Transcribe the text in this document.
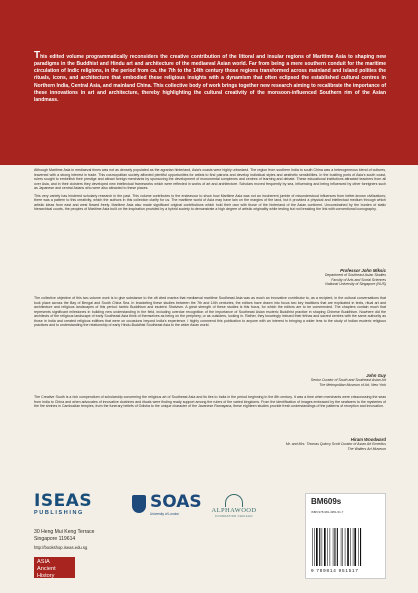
This edited volume programmatically reconsiders the creative contribution of the littoral and insular regions of Maritime Asia to shaping new paradigms in the Buddhist and Hindu art and architecture of the mediaeval Asian world. Far from being a mere southern conduit for the maritime circulation of Indic religions, in the period from ca. the 7th to the 14th century those regions transformed across mainland and island polities the rituals, icons, and architecture that embodied these religious insights with a dynamism that often eclipsed the established cultural centres in Northern India, Central Asia, and mainland China. This collective body of work brings together new research aiming to recalibrate the importance of these innovations in art and architecture, thereby highlighting the cultural creativity of the monsoon-influenced Southern rim of the Asian landmass.

Although Maritime Asia in mediaeval times was not as densely populated as the agrarian hinterland, Asia's coasts were highly urbanized. The region from southern India to south China was a heterogeneous blend of cultures, leavened with a strong interest in trade. This cosmopolitan society afforded plentiful opportunities for artists to find patrons and develop individual styles and aesthetic sensibilities. In the bustling ports of Asia's south coast, rulers sought to embellish their prestige and attract foreign merchants by sponsoring the development of monumental complexes and centres of learning and debate. These educational institutions attracted teachers from all over Asia, and in their cloisters they developed new intellectual frameworks which were reflected in works of art and architecture. Scholars moved frequently by sea, influencing and being influenced by other foreigners such as Japanese and central Asians who were also attracted to these places.

This very variety has hindered scholarly research in the past. This volume contributes to the endeavour to show how Maritime Asia was not an incoherent jumble of misunderstood influences from better-known civilizations; there was a pattern to this creativity, which the authors in this collection clarify for us. The maritime world of Asia may have lain on the margins of the land, but it provided a physical and intellectual medium through which artistic ideas from east and west flowed freely. Maritime Asia also made significant original contributions which hold their own with those of the hinterland of the Asian continent. Unconstrained by the burden of static hierarchical courts, the peoples of Maritime Asia built on the inspiration provided by a hybrid society to demonstrate a high degree of artistic originality while testing but not breaking the link with conventional iconography.

Professor John Miksic
Department of Southeast Asian Studies
Faculty of Arts and Social Sciences
National University of Singapore (NUS)

The collective objective of this two-volume work is to give substance to the oft cited mantra that mediaeval maritime Southeast Asia was as much an innovative contributor to, as a recipient, in the cultural conversations that took place across the Bay of Bengal and South China Sea. In bracketing these studies between the 7th and 14th centuries, the editors have drawn into focus two key traditions that are explicated in texts, ritual art and architecture and religious landscapes of this period: tantric Buddhism and esoteric Shaivism. A great strength of these studies is this focus, for which the editors are to be commended. The chapters contain much that represents significant milestones in building new understanding in the field, including overdue recognition of the importance of Southeast Asian esoteric Buddhist practice in shaping Chinese Buddhism. Nowhere did the architects of the religious landscape of early Southeast Asia think of themselves as being on the periphery, or as outsiders, looking in. Rather, they knowingly imbued their tirthas and sacred centres with the same authority as those in India and created religious edifices that were on occasions beyond India's experience. I highly commend this publication to anyone with an interest in bringing a wider lens to the study of Indian esoteric religious practices and to understanding the relationship of early Hindu-Buddhist Southeast Asia to the wider Asian world.

John Guy
Senior Curator of South and Southeast Asian Art
The Metropolitan Museum of Art, New York

The Creative South is a rich compendium of scholarship concerning the religious art of Southeast Asia and its ties to India in the period beginning in the 8th century. It was a time when merchants were crisscrossing the seas from India to China and when advocates of innovative doctrines and rituals were finding ready support among the rulers of the varied kingdoms. From the identification of images embraced by the seafarers to the mysteries of the fire shrines in Cambodian temples, from the funerary beliefs of Odisha to the unique character of the Javanese Ramayana, these eighteen studies provide fresh understandings of the patterns of reception and innovation.

Hiram Woodward
Mr. and Mrs. Thomas Quincy Scott Curator of Asian Art Emeritus
The Walters Art Museum
ISEAS
PUBLISHING
SOAS
University of London	ALPHAWOOD
FOUNDATION CHICAGO
30 Heng Mui Keng Terrace
Singapore 119614
http://bookshop.iseas.edu.sg
ASIA
Ancient History
BM609s
ISBN 978-981-4951-51-7
9 789814 951517
